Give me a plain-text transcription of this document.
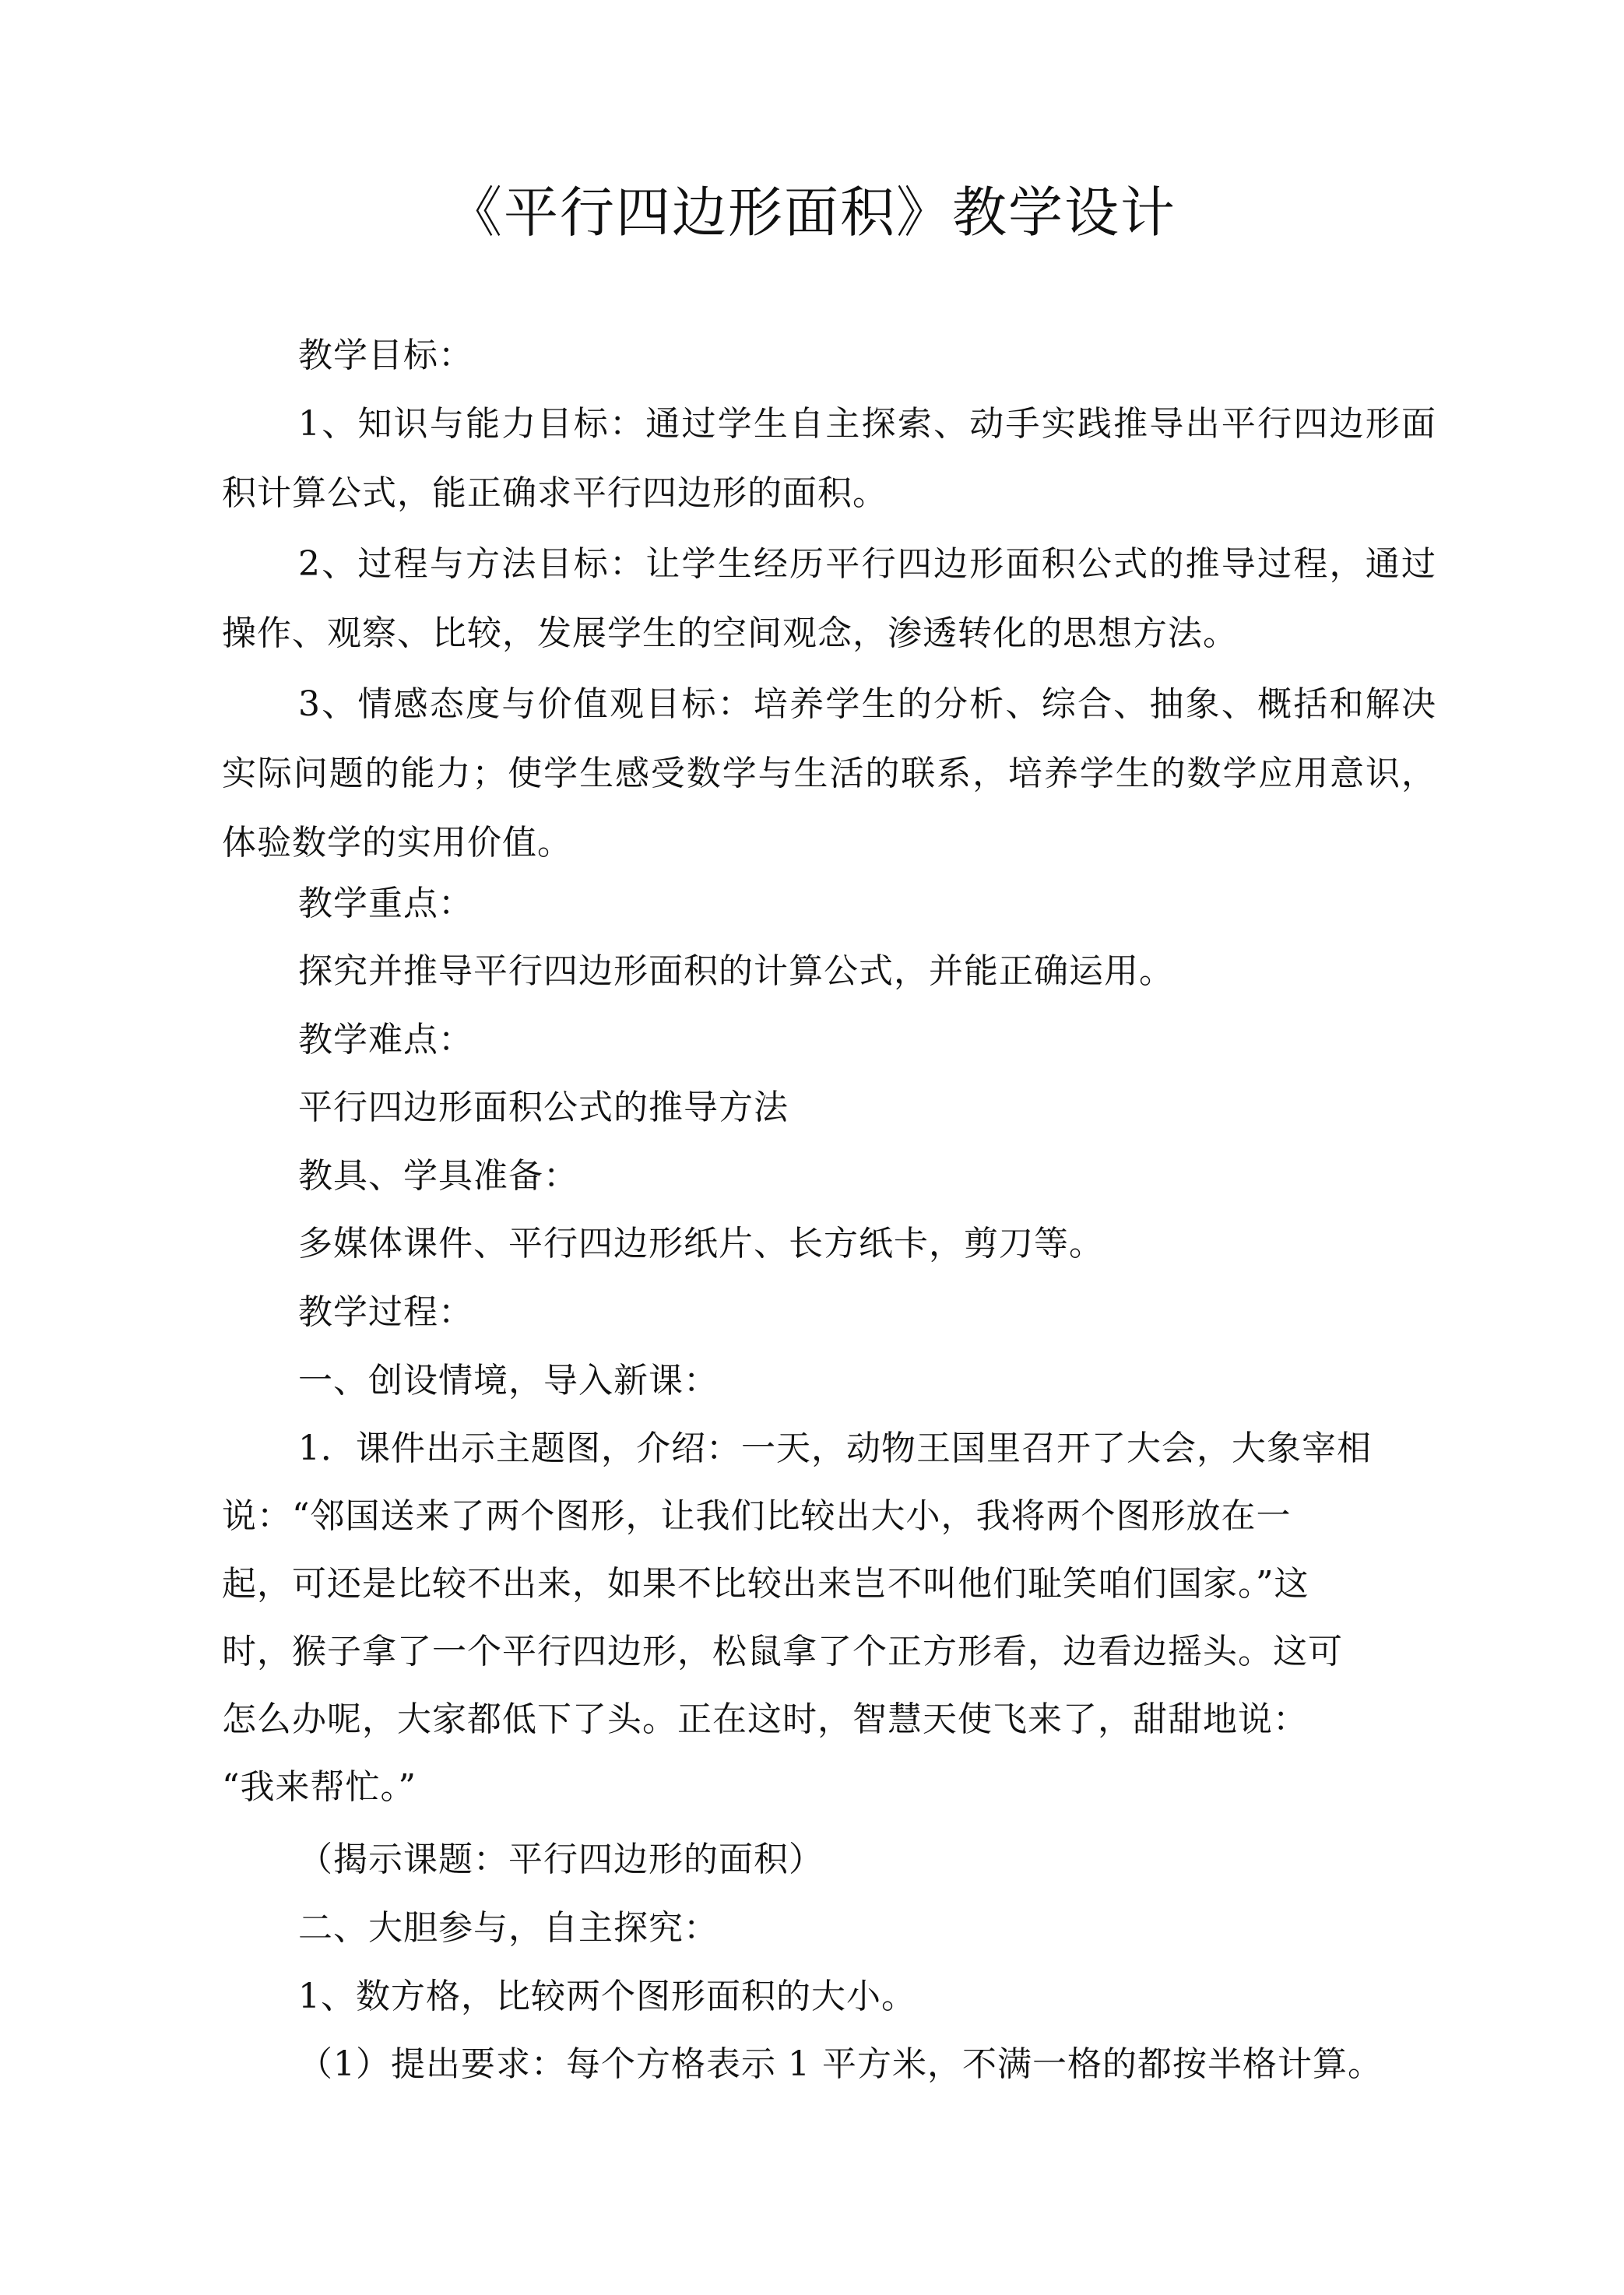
《平行四边形面积》教学设计
教学目标：

1、知识与能力目标：通过学生自主探索、动手实践推导出平行四边形面积计算公式，能正确求平行四边形的面积。

2、过程与方法目标：让学生经历平行四边形面积公式的推导过程，通过操作、观察、比较，发展学生的空间观念，渗透转化的思想方法。

3、情感态度与价值观目标：培养学生的分析、综合、抽象、概括和解决实际问题的能力；使学生感受数学与生活的联系，培养学生的数学应用意识，体验数学的实用价值。

教学重点：
探究并推导平行四边形面积的计算公式，并能正确运用。
教学难点：
平行四边形面积公式的推导方法
教具、学具准备：
多媒体课件、平行四边形纸片、长方纸卡，剪刀等。
教学过程：
一、创设情境，导入新课：
1．课件出示主题图，介绍：一天，动物王国里召开了大会，大象宰相
说：“邻国送来了两个图形，让我们比较出大小，我将两个图形放在一
起，可还是比较不出来，如果不比较出来岂不叫他们耻笑咱们国家。”这
时，猴子拿了一个平行四边形，松鼠拿了个正方形看，边看边摇头。这可
怎么办呢，大家都低下了头。正在这时，智慧天使飞来了，甜甜地说：
“我来帮忙。”
（揭示课题：平行四边形的面积）
二、大胆参与，自主探究：
1、数方格，比较两个图形面积的大小。
（1）提出要求：每个方格表示 1 平方米，不满一格的都按半格计算。
